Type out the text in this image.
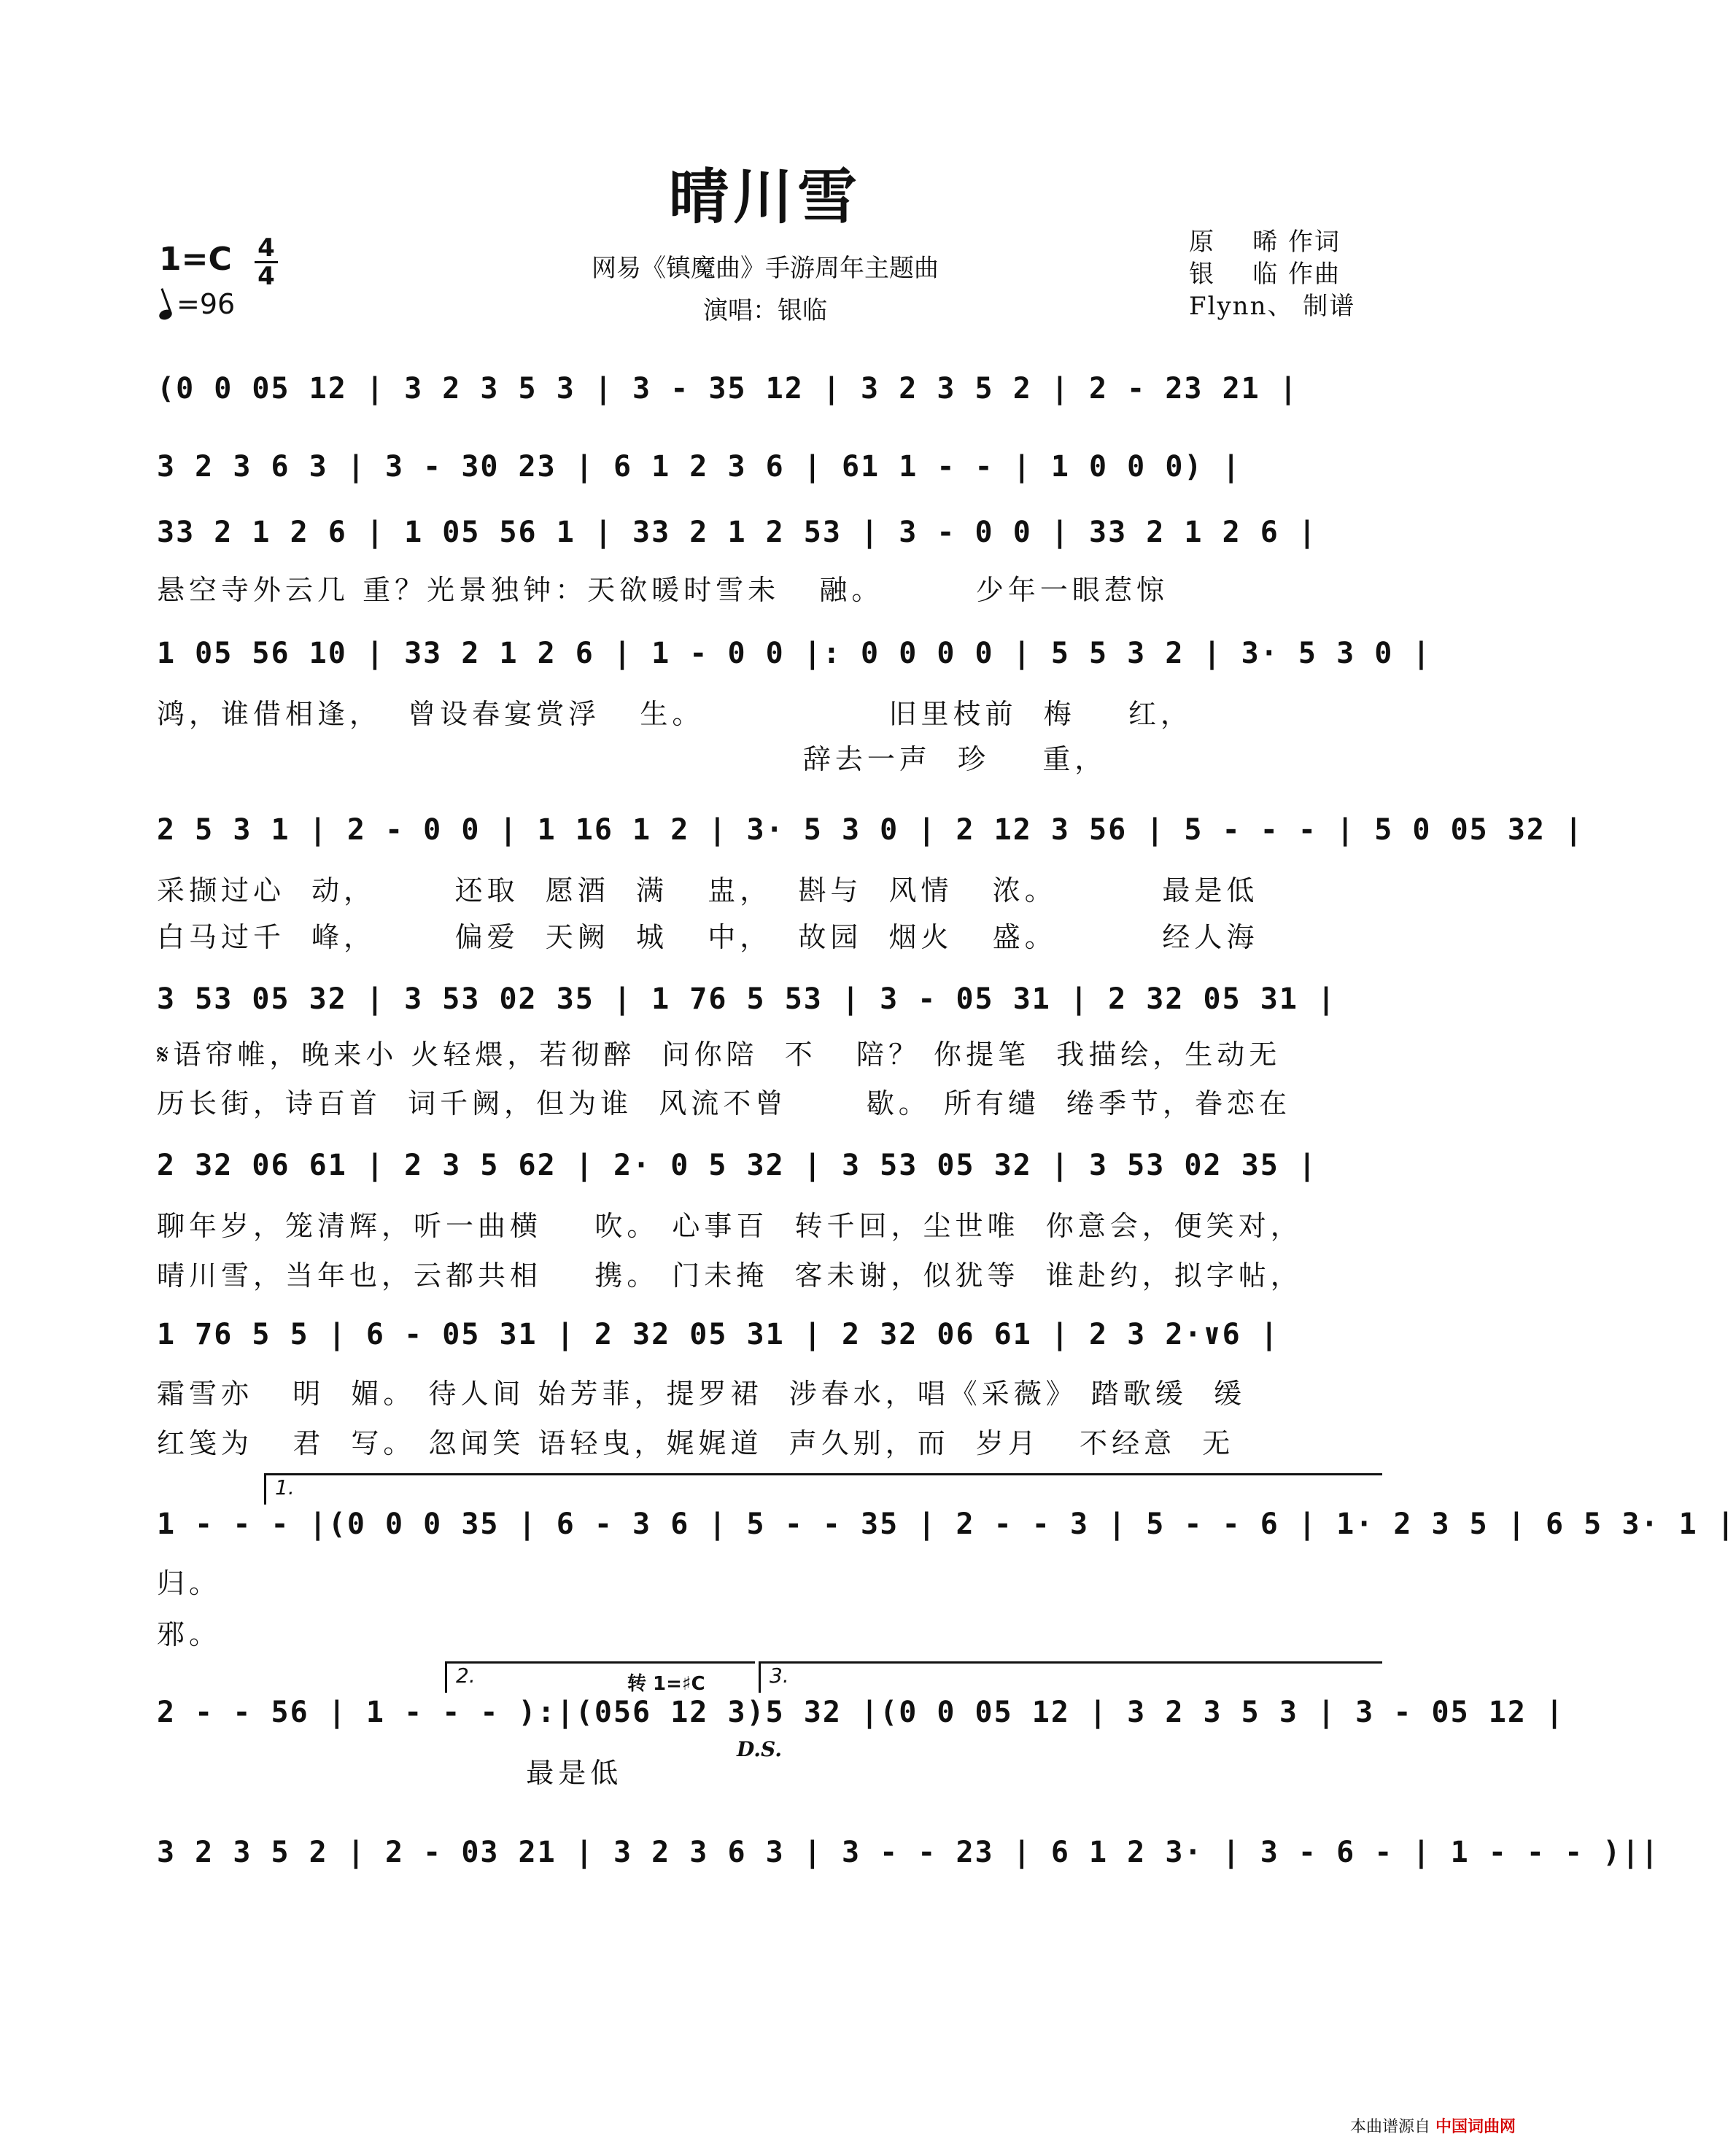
晴川雪
1=C 4
4
=96
网易《镇魔曲》手游周年主题曲
演唱：银临
原    晞 作词
银    临 作曲
Flynn、 制谱
(0 0 05 12 | 3 2 3 5 3 | 3 - 35 12 | 3 2 3 5 2 | 2 - 23 21 |
3 2 3 6 3 | 3 - 30 23 | 6 1 2 3 6 | 61 1 - - | 1 0 0 0) |
33 2 1 2 6 | 1 05 56 1 | 33 2 1 2 53 | 3 - 0 0 | 33 2 1 2 6 |
悬空寺外云几 重？光景独钟：天欲暖时雪未   融。       少年一眼惹惊
1 05 56 10 | 33 2 1 2 6 | 1 - 0 0 |: 0 0 0 0 | 5 5 3 2 | 3· 5 3 0 |
鸿，谁借相逢，  曾设春宴赏浮   生。              旧里枝前  梅    红，
辞去一声  珍    重，
2 5 3 1 | 2 - 0 0 | 1 16 1 2 | 3· 5 3 0 | 2 12 3 56 | 5 - - - | 5 0 05 32 |
采撷过心  动，      还取  愿酒  满   盅，  斟与  风情   浓。        最是低
白马过千  峰，      偏爱  天阙  城   中，  故园  烟火   盛。        经人海
3 53 05 32 | 3 53 02 35 | 1 76 5 53 | 3 - 05 31 | 2 32 05 31 |
𝄋语帘帷，晚来小 火轻煨，若彻醉  问你陪  不   陪？ 你提笔  我描绘，生动无
历长街，诗百首  词千阙，但为谁  风流不曾      歇。 所有缱  绻季节，眷恋在
2 32 06 61 | 2 3 5 62 | 2· 0 5 32 | 3 53 05 32 | 3 53 02 35 |
聊年岁，笼清辉，听一曲横    吹。 心事百  转千回，尘世唯  你意会，便笑对，
晴川雪，当年也，云都共相    携。 门未掩  客未谢，似犹等  谁赴约，拟字帖，
1 76 5 5 | 6 - 05 31 | 2 32 05 31 | 2 32 06 61 | 2 3 2·∨6 |
霜雪亦   明  媚。 待人间 始芳菲，提罗裙  涉春水，唱《采薇》 踏歌缓  缓
红笺为   君  写。 忽闻笑 语轻曳，娓娓道  声久别，而  岁月   不经意  无
1.
1 - - - |(0 0 0 35 | 6 - 3 6 | 5 - - 35 | 2 - - 3 | 5 - - 6 | 1· 2 3 5 | 6 5 3· 1 |
归。
邪。
2.	3.
转 1=♯C
2 - - 56 | 1 - - - ):|(056 12 3)5 32 |(0 0 05 12 | 3 2 3 5 3 | 3 - 05 12 |
D.S.
最是低
3 2 3 5 2 | 2 - 03 21 | 3 2 3 6 3 | 3 - - 23 | 6 1 2 3· | 3 - 6 - | 1 - - - )||
本曲谱源自 中国词曲网
